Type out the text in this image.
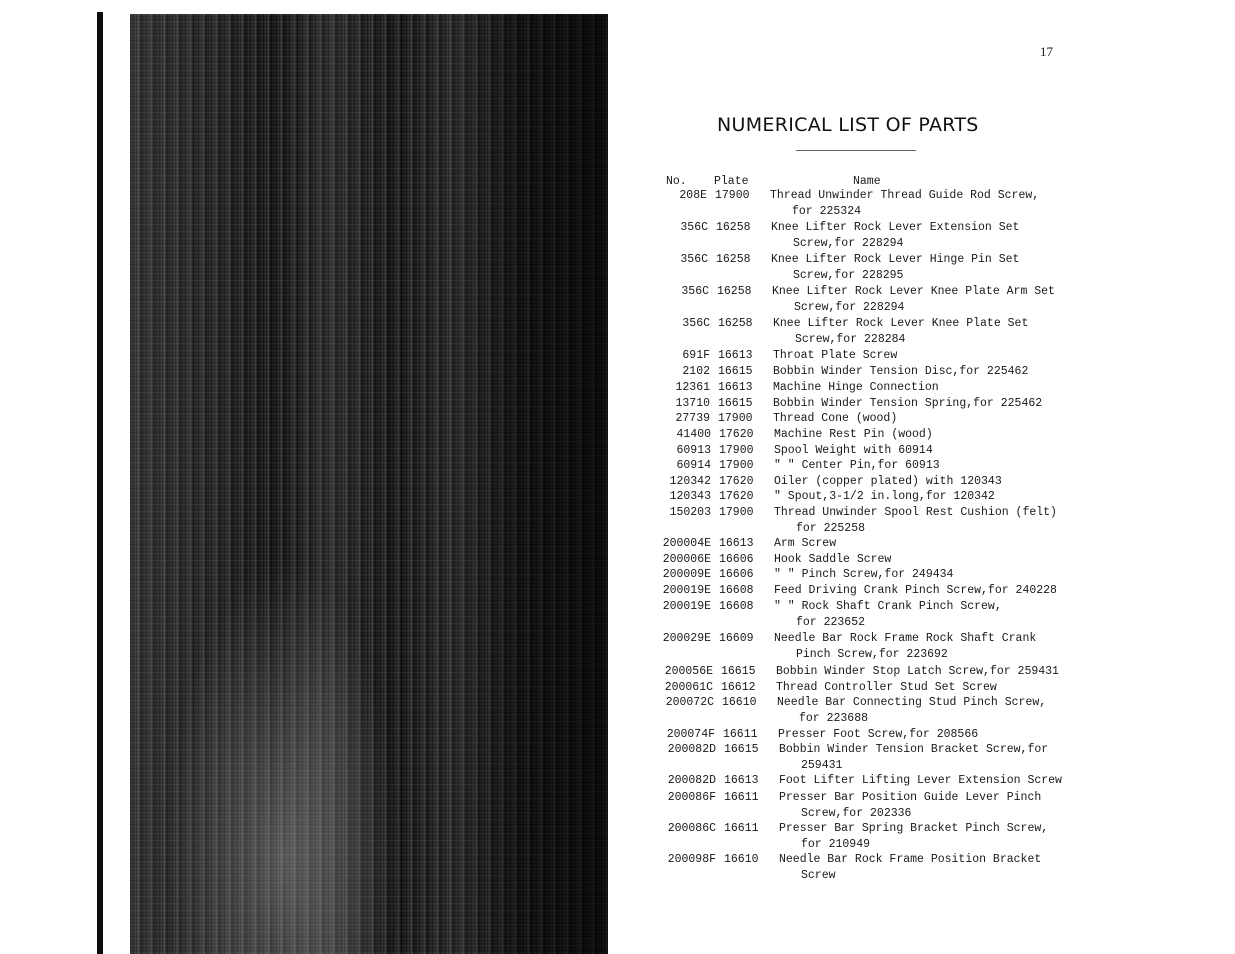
17
NUMERICAL LIST OF PARTS
No. Plate	Name
208E 17900 Thread Unwinder Thread Guide Rod Screw,
for 225324
356C 16258 Knee Lifter Rock Lever Extension Set
Screw,for 228294
356C 16258 Knee Lifter Rock Lever Hinge Pin Set
Screw,for 228295
356C 16258 Knee Lifter Rock Lever Knee Plate Arm Set
Screw,for 228294
356C 16258 Knee Lifter Rock Lever Knee Plate Set
Screw,for 228284
691F 16613 Throat Plate Screw
2102 16615 Bobbin Winder Tension Disc,for 225462
12361 16613 Machine Hinge Connection
13710 16615 Bobbin Winder Tension Spring,for 225462
27739 17900 Thread Cone (wood)
41400 17620 Machine Rest Pin (wood)
60913 17900 Spool Weight with 60914
60914 17900 " " Center Pin,for 60913
120342 17620 Oiler (copper plated) with 120343
120343 17620 " Spout,3-1/2 in.long,for 120342
150203 17900 Thread Unwinder Spool Rest Cushion (felt)
for 225258
200004E 16613 Arm Screw
200006E 16606 Hook Saddle Screw
200009E 16606 " " Pinch Screw,for 249434
200019E 16608 Feed Driving Crank Pinch Screw,for 240228
200019E 16608 " " Rock Shaft Crank Pinch Screw,
for 223652
200029E 16609 Needle Bar Rock Frame Rock Shaft Crank
Pinch Screw,for 223692
200056E 16615 Bobbin Winder Stop Latch Screw,for 259431
200061C 16612 Thread Controller Stud Set Screw
200072C 16610 Needle Bar Connecting Stud Pinch Screw,
for 223688
200074F 16611 Presser Foot Screw,for 208566
200082D 16615 Bobbin Winder Tension Bracket Screw,for
259431
200082D 16613 Foot Lifter Lifting Lever Extension Screw
200086F 16611 Presser Bar Position Guide Lever Pinch
Screw,for 202336
200086C 16611 Presser Bar Spring Bracket Pinch Screw,
for 210949
200098F 16610 Needle Bar Rock Frame Position Bracket
Screw
